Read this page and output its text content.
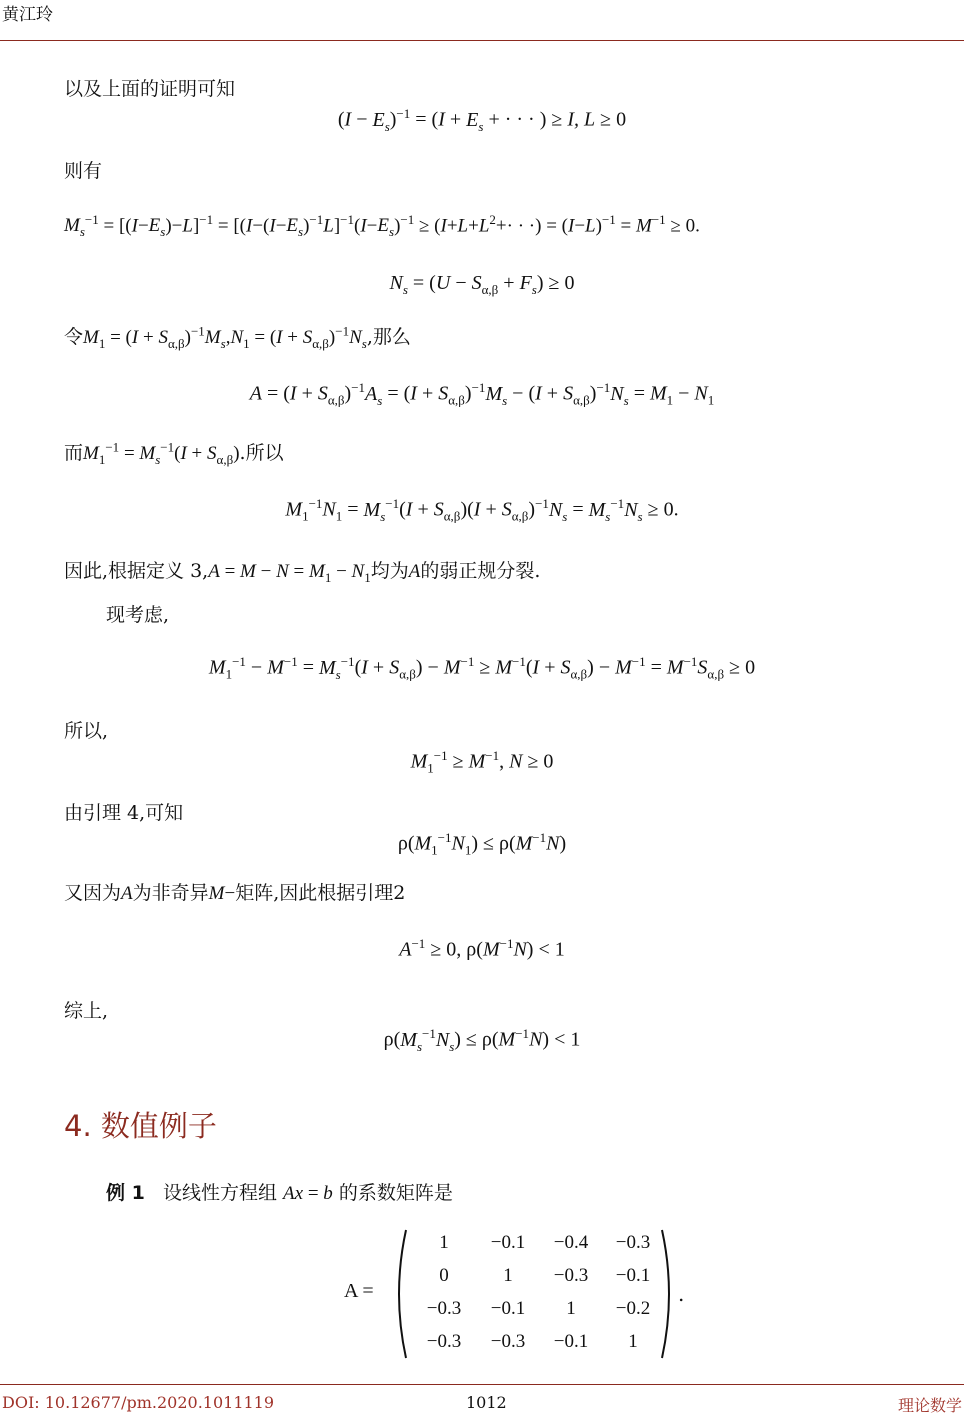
黄江玲
以及上面的证明可知
$(I - E_s)^{-1} = (I + E_s$ + · · · ) ≥ I, L ≥ 0
则有
$M_s^{-1} = [(I-E_s)-L]^{-1} = [(I-(I-E_s)^{-1}L]^{-1}(I-E_s)^{-1} \ge (I+L+L^2+\cdot$ · ·) = $(I-L)^{-1} = M^{-1} \ge 0$.
$N_s = (U - S_{\alpha,\beta} + F_s) \ge 0$
令$M_1 = (I + S_{\alpha,\beta})^{-1}M_s,N_1 = (I + S_{\alpha,\beta})^{-1}N_s$,那么
$A = (I + S_{\alpha,\beta})^{-1}A_s = (I + S_{\alpha,\beta})^{-1}M_s - (I + S_{\alpha,\beta})^{-1}N_s = M_1 - N_1$
而$M_1^{-1} = M_s^{-1}(I + S_{\alpha,\beta})$.所以
$M_1^{-1}N_1 = M_s^{-1}(I + S_{\alpha,\beta})(I + S_{\alpha,\beta})^{-1}N_s = M_s^{-1}N_s \ge 0$.
因此,根据定义 $3,A = M - N = M_1 - N_1$均为A的弱正规分裂.
现考虑,
$M_1^{-1} - M^{-1} = M_s^{-1}(I + S_{\alpha,\beta}) - M^{-1} \ge M^{-1}(I + S_{\alpha,\beta}) - M^{-1} = M^{-1}S_{\alpha,\beta} \ge 0$
所以,
$M_1^{-1} \ge M^{-1}$, N ≥ 0
由引理 4,可知
$\rho(M_1^{-1}N_1) \le \rho(M^{-1}N)$
又因为A为非奇异M−矩阵,因此根据引理2
$A^{-1} \ge 0$, $\rho(M^{-1}N) < 1$
综上,
$\rho(M_s^{-1}N_s) \le \rho(M^{-1}N) < 1$
4. 数值例子
例 1 设线性方程组 Ax = b 的系数矩阵是
A =
1	−0.1	−0.4	−0.3
0	1	−0.3	−0.1
−0.3	−0.1	1	−0.2
−0.3	−0.3	−0.1	1
.
DOI: 10.12677/pm.2020.1011119	1012	理论数学
